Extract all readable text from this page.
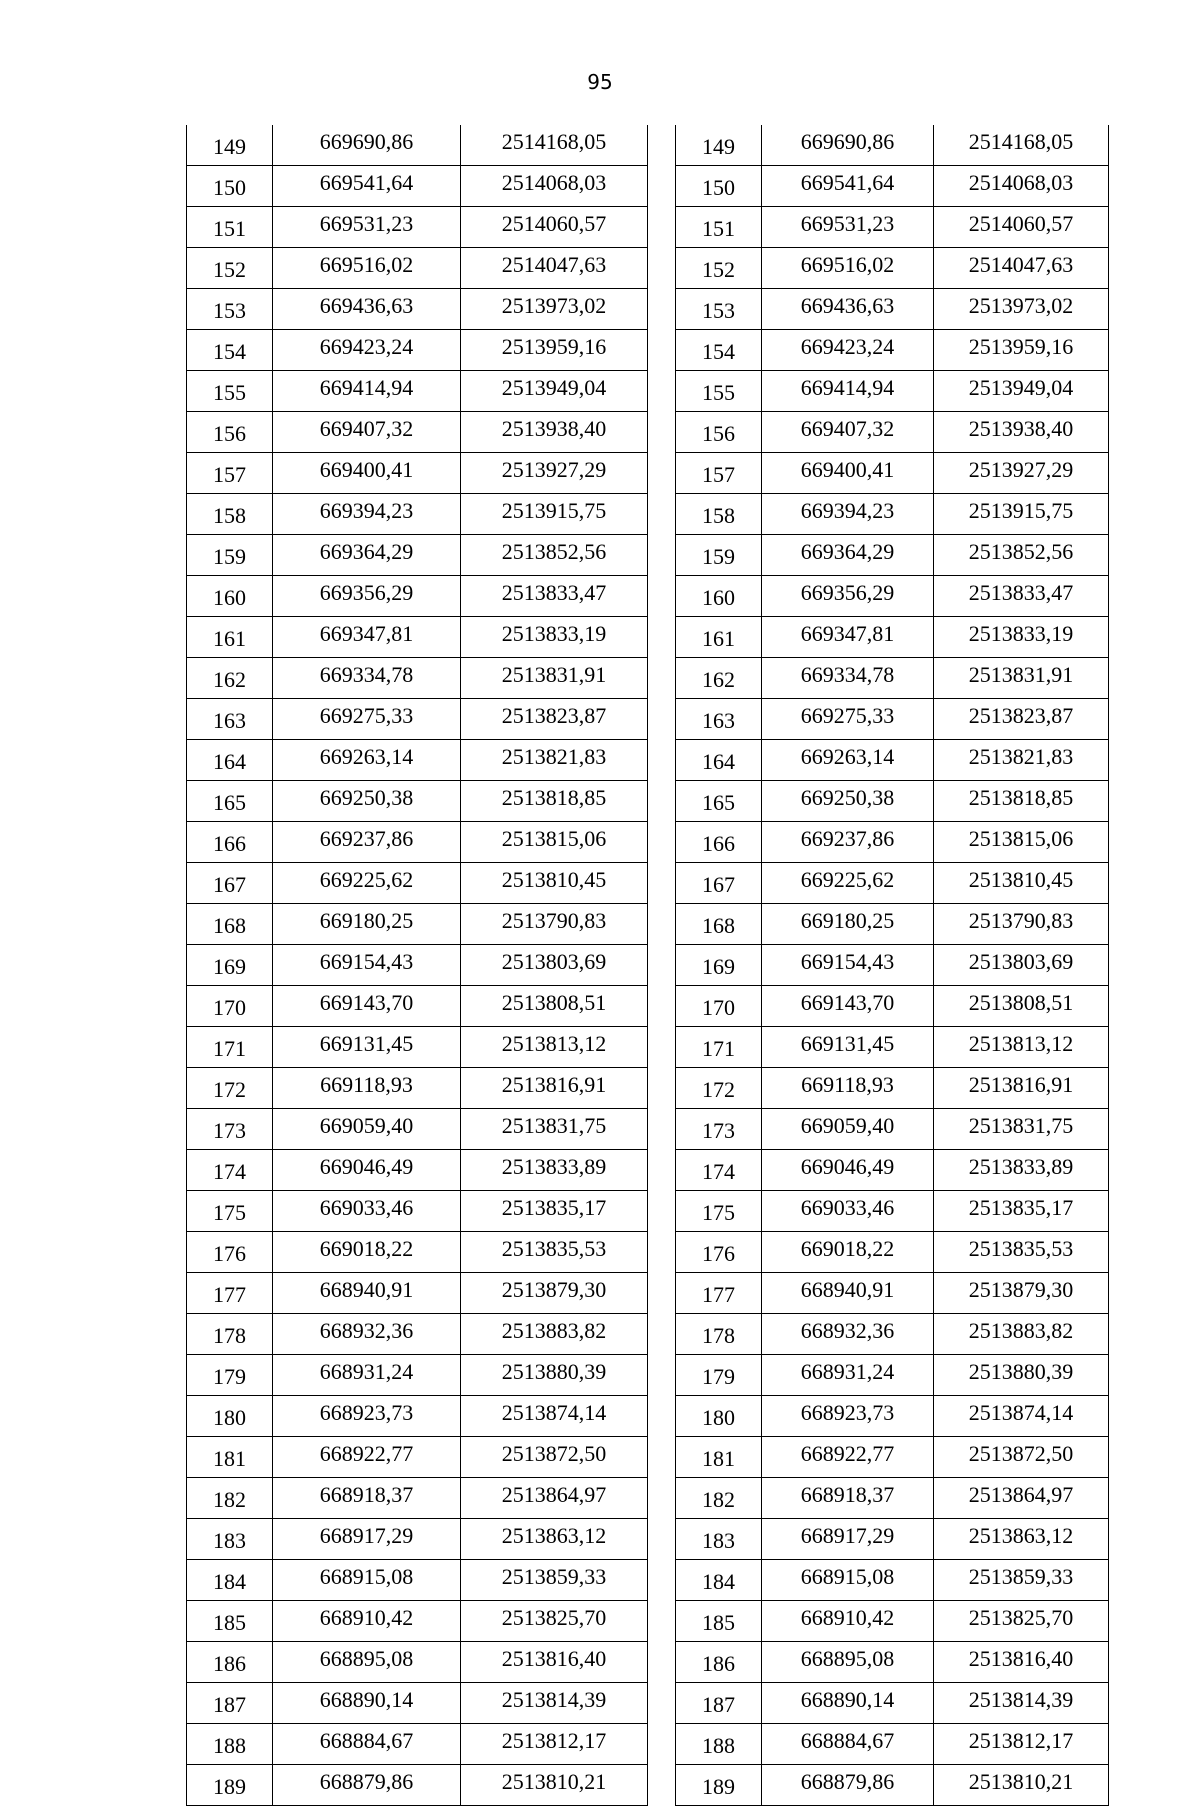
95
149	669690,86	2514168,05
150	669541,64	2514068,03
151	669531,23	2514060,57
152	669516,02	2514047,63
153	669436,63	2513973,02
154	669423,24	2513959,16
155	669414,94	2513949,04
156	669407,32	2513938,40
157	669400,41	2513927,29
158	669394,23	2513915,75
159	669364,29	2513852,56
160	669356,29	2513833,47
161	669347,81	2513833,19
162	669334,78	2513831,91
163	669275,33	2513823,87
164	669263,14	2513821,83
165	669250,38	2513818,85
166	669237,86	2513815,06
167	669225,62	2513810,45
168	669180,25	2513790,83
169	669154,43	2513803,69
170	669143,70	2513808,51
171	669131,45	2513813,12
172	669118,93	2513816,91
173	669059,40	2513831,75
174	669046,49	2513833,89
175	669033,46	2513835,17
176	669018,22	2513835,53
177	668940,91	2513879,30
178	668932,36	2513883,82
179	668931,24	2513880,39
180	668923,73	2513874,14
181	668922,77	2513872,50
182	668918,37	2513864,97
183	668917,29	2513863,12
184	668915,08	2513859,33
185	668910,42	2513825,70
186	668895,08	2513816,40
187	668890,14	2513814,39
188	668884,67	2513812,17
189	668879,86	2513810,21
149	669690,86	2514168,05
150	669541,64	2514068,03
151	669531,23	2514060,57
152	669516,02	2514047,63
153	669436,63	2513973,02
154	669423,24	2513959,16
155	669414,94	2513949,04
156	669407,32	2513938,40
157	669400,41	2513927,29
158	669394,23	2513915,75
159	669364,29	2513852,56
160	669356,29	2513833,47
161	669347,81	2513833,19
162	669334,78	2513831,91
163	669275,33	2513823,87
164	669263,14	2513821,83
165	669250,38	2513818,85
166	669237,86	2513815,06
167	669225,62	2513810,45
168	669180,25	2513790,83
169	669154,43	2513803,69
170	669143,70	2513808,51
171	669131,45	2513813,12
172	669118,93	2513816,91
173	669059,40	2513831,75
174	669046,49	2513833,89
175	669033,46	2513835,17
176	669018,22	2513835,53
177	668940,91	2513879,30
178	668932,36	2513883,82
179	668931,24	2513880,39
180	668923,73	2513874,14
181	668922,77	2513872,50
182	668918,37	2513864,97
183	668917,29	2513863,12
184	668915,08	2513859,33
185	668910,42	2513825,70
186	668895,08	2513816,40
187	668890,14	2513814,39
188	668884,67	2513812,17
189	668879,86	2513810,21
